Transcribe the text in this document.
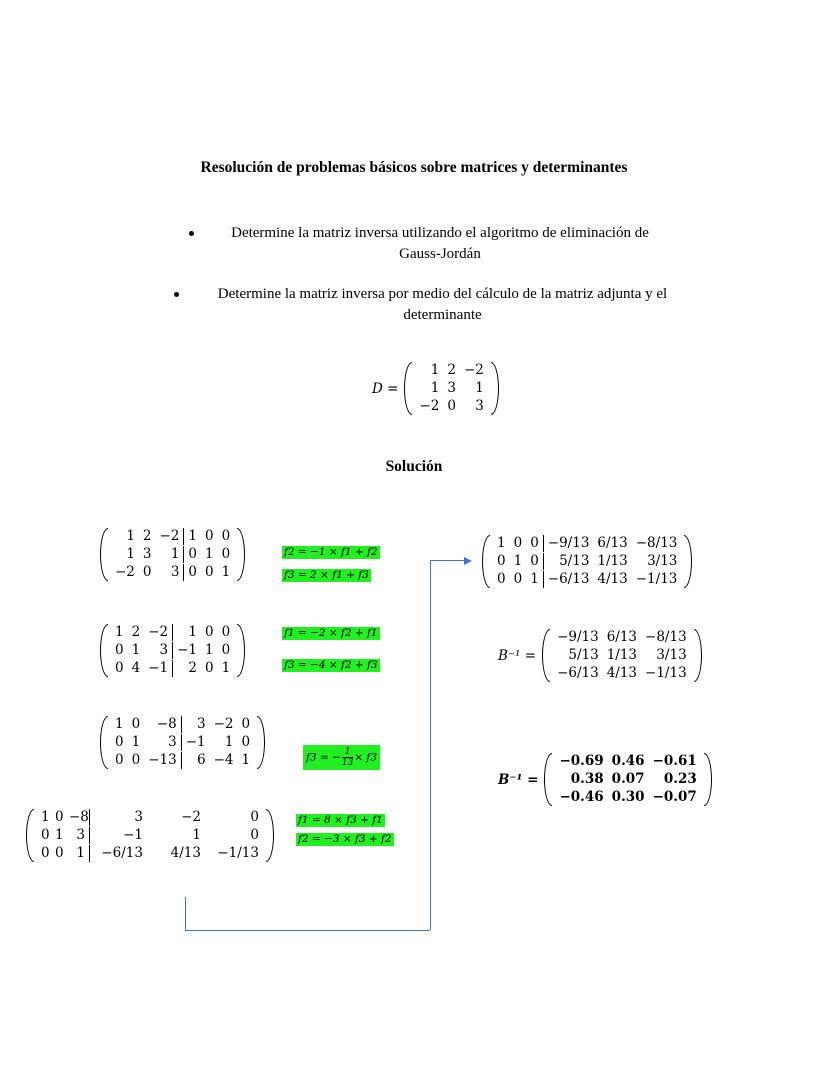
Resolución de problemas básicos sobre matrices y determinantes
Determine la matriz inversa utilizando el algoritmo de eliminación de
Gauss-Jordán
Determine la matriz inversa por medio del cálculo de la matriz adjunta y el
determinante
D =
1 2 −2
1 3	1
−2 0	3
Solución
1 2 −2 1 0 0
1 3	1 0 1 0
−2 0	3 0 0 1
f2 = −1 × f1 + f2
f3 = 2 × f1 + f3
1 2 −2	1 0 0
0 1	3 −1 1 0
0 4 −1	2 0 1
f1 = −2 × f2 + f1
f3 = −4 × f2 + f3
1 0	−8	3 −2 0
0 1	3 −1	1 0
0 0 −13	6 −4 1	f3 = − $\frac{1}{13} \times f3$
1 0 −8	3	−2	0
0 1 3	−1	1	0
0 0 1	−6/13	4/13	−1/13
f1 = 8 × f3 + f1
f2 = −3 × f3 + f2
1 0 0 −9/13 6/13 −8/13
0 1 0	5/13 1/13	3/13
0 0 1 −6/13 4/13 −1/13
B⁻¹ =
−9/13 6/13 −8/13
5/13 1/13	3/13
−6/13 4/13 −1/13
B⁻¹ =
−0.69 0.46 −0.61
0.38 0.07	0.23
−0.46 0.30 −0.07
